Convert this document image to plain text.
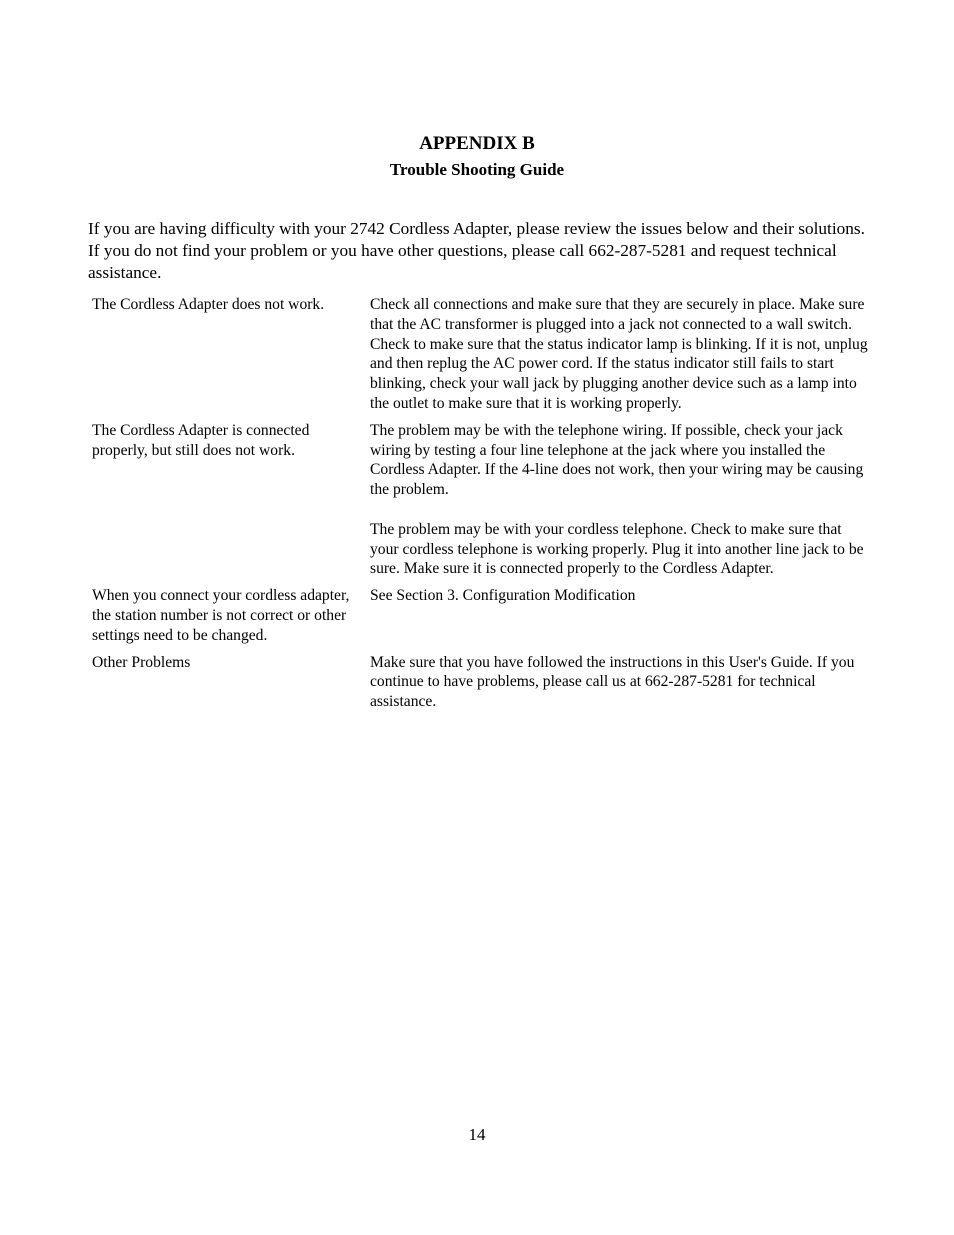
APPENDIX B
Trouble Shooting Guide

If you are having difficulty with your 2742 Cordless Adapter, please review the issues below and their solutions. If you do not find your problem or you have other questions, please call 662-287-5281 and request technical assistance.

The Cordless Adapter does not work.	Check all connections and make sure that they are securely in place. Make sure that the AC transformer is plugged into a jack not connected to a wall switch. Check to make sure that the status indicator lamp is blinking. If it is not, unplug and then replug the AC power cord. If the status indicator still fails to start blinking, check your wall jack by plugging another device such as a lamp into the outlet to make sure that it is working properly.

The Cordless Adapter is connected properly, but still does not work.

The problem may be with the telephone wiring. If possible, check your jack wiring by testing a four line telephone at the jack where you installed the Cordless Adapter. If the 4-line does not work, then your wiring may be causing the problem.

The problem may be with your cordless telephone. Check to make sure that your cordless telephone is working properly. Plug it into another line jack to be sure. Make sure it is connected properly to the Cordless Adapter.

When you connect your cordless adapter, the station number is not correct or other settings need to be changed.

See Section 3. Configuration Modification

Other Problems	Make sure that you have followed the instructions in this User's Guide. If you continue to have problems, please call us at 662-287-5281 for technical assistance.

14
